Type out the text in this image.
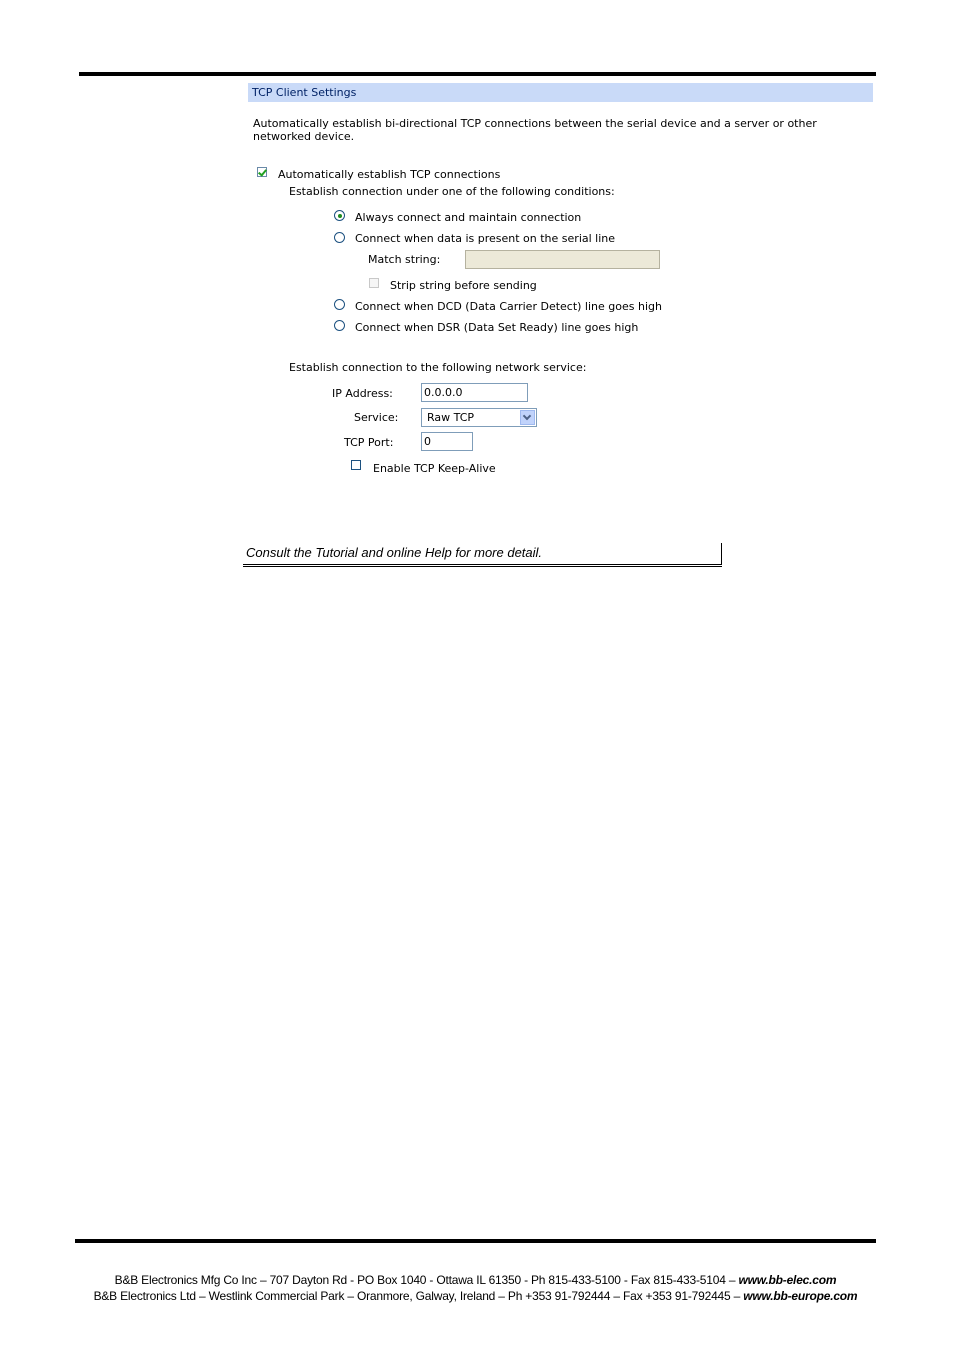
TCP Client Settings
Automatically establish bi-directional TCP connections between the serial device and a server or other networked device.
Automatically establish TCP connections
Establish connection under one of the following conditions:
Always connect and maintain connection
Connect when data is present on the serial line
Match string:
Strip string before sending
Connect when DCD (Data Carrier Detect) line goes high
Connect when DSR (Data Set Ready) line goes high
Establish connection to the following network service:
IP Address:
0.0.0.0
Service:	Raw TCP
TCP Port:
0
Enable TCP Keep-Alive
Consult the Tutorial and online Help for more detail.
B&B Electronics Mfg Co Inc – 707 Dayton Rd - PO Box 1040 - Ottawa IL 61350 - Ph 815-433-5100 - Fax 815-433-5104 – www.bb-elec.com
B&B Electronics Ltd – Westlink Commercial Park – Oranmore, Galway, Ireland – Ph +353 91-792444 – Fax +353 91-792445 – www.bb-europe.com
